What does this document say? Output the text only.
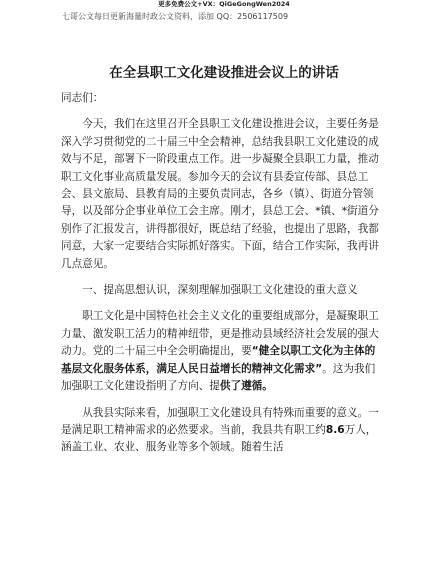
更多免费公文+VX：QiGeGongWen2024
七哥公文每日更新海量时政公文资料，添加 QQ：2506117509
在全县职工文化建设推进会议上的讲话

同志们：

今天，我们在这里召开全县职工文化建设推进会议，主要任务是深入学习贯彻党的二十届三中全会精神，总结我县职工文化建设的成效与不足，部署下一阶段重点工作。进一步凝聚全县职工力量，推动职工文化事业高质量发展。参加今天的会议有县委宣传部、县总工会、县文旅局、县教育局的主要负责同志，各乡（镇）、街道分管领导，以及部分企事业单位工会主席。刚才，县总工会、*镇、*街道分别作了汇报发言，讲得都很好，既总结了经验，也提出了思路，我都同意，大家一定要结合实际抓好落实。下面，结合工作实际，我再讲几点意见。

一、提高思想认识，深刻理解加强职工文化建设的重大意义

职工文化是中国特色社会主义文化的重要组成部分，是凝聚职工力量、激发职工活力的精神纽带，更是推动县域经济社会发展的强大动力。党的二十届三中全会明确提出，要“健全以职工文化为主体的基层文化服务体系，满足人民日益增长的精神文化需求”。这为我们加强职工文化建设指明了方向、提供了遵循。

从我县实际来看，加强职工文化建设具有特殊而重要的意义。一是满足职工精神需求的必然要求。当前，我县共有职工约8.6万人，涵盖工业、农业、服务业等多个领域。随着生活
